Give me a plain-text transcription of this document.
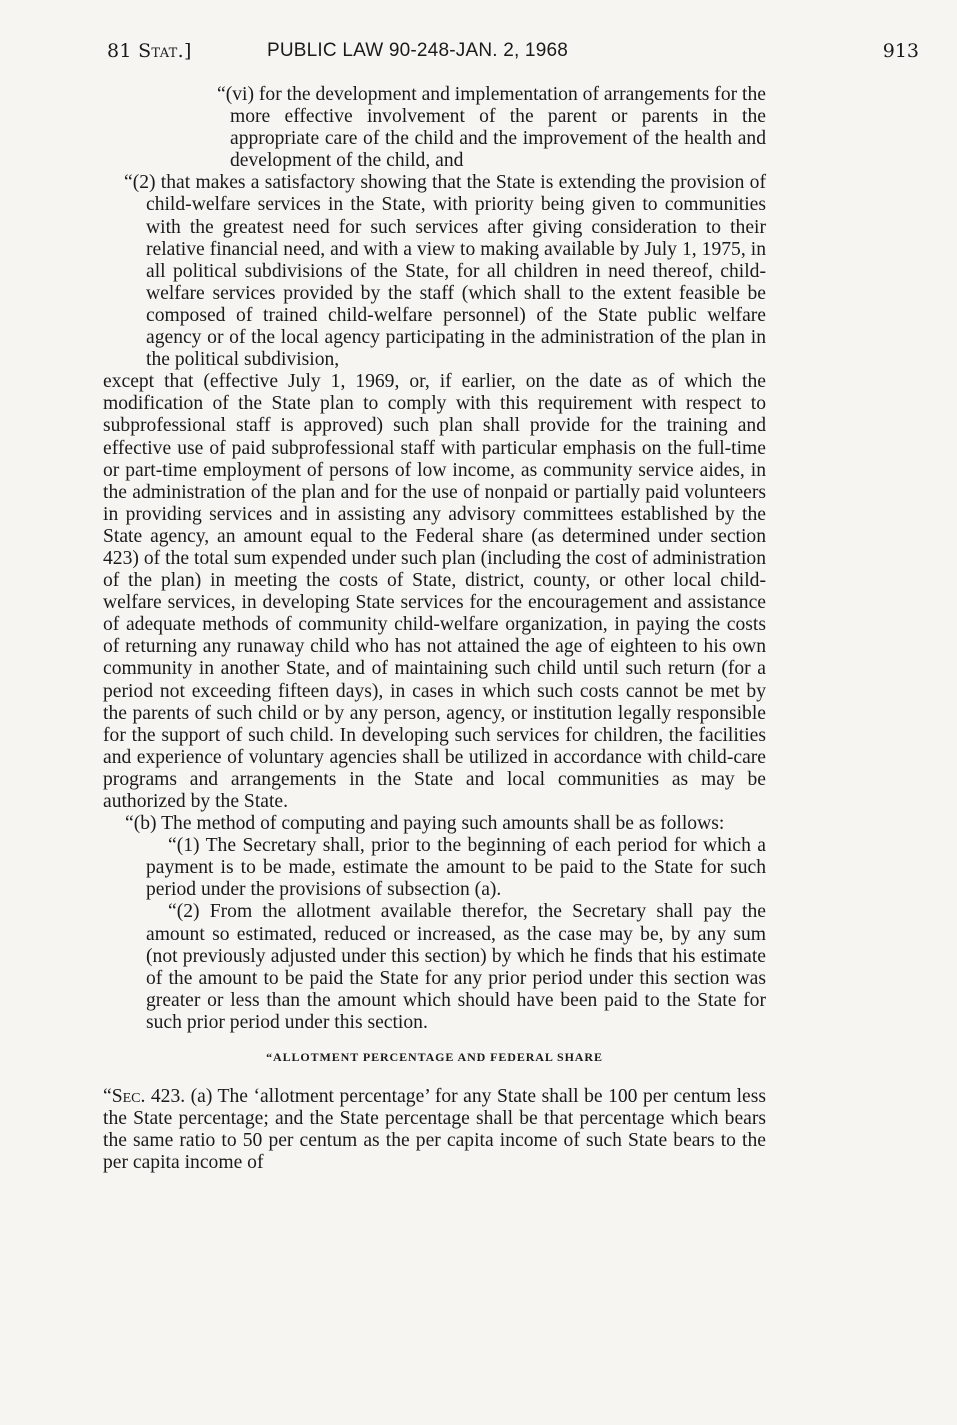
81 Stat.]	PUBLIC LAW 90-248-JAN. 2, 1968	913

“(vi) for the development and implementation of arrangements for the more effective involvement of the parent or parents in the appropriate care of the child and the improvement of the health and development of the child, and

“(2) that makes a satisfactory showing that the State is extending the provision of child-welfare services in the State, with priority being given to communities with the greatest need for such services after giving consideration to their relative financial need, and with a view to making available by July 1, 1975, in all political subdivisions of the State, for all children in need thereof, child-welfare services provided by the staff (which shall to the extent feasible be composed of trained child-welfare personnel) of the State public welfare agency or of the local agency participating in the administration of the plan in the political subdivision,

except that (effective July 1, 1969, or, if earlier, on the date as of which the modification of the State plan to comply with this requirement with respect to subprofessional staff is approved) such plan shall provide for the training and effective use of paid subprofessional staff with particular emphasis on the full-time or part-time employment of persons of low income, as community service aides, in the administration of the plan and for the use of nonpaid or partially paid volunteers in providing services and in assisting any advisory committees established by the State agency, an amount equal to the Federal share (as determined under section 423) of the total sum expended under such plan (including the cost of administration of the plan) in meeting the costs of State, district, county, or other local child-welfare services, in developing State services for the encouragement and assistance of adequate methods of community child-welfare organization, in paying the costs of returning any runaway child who has not attained the age of eighteen to his own community in another State, and of maintaining such child until such return (for a period not exceeding fifteen days), in cases in which such costs cannot be met by the parents of such child or by any person, agency, or institution legally responsible for the support of such child. In developing such services for children, the facilities and experience of voluntary agencies shall be utilized in accordance with child-care programs and arrangements in the State and local communities as may be authorized by the State.

“(b) The method of computing and paying such amounts shall be as follows:

“(1) The Secretary shall, prior to the beginning of each period for which a payment is to be made, estimate the amount to be paid to the State for such period under the provisions of subsection (a).

“(2) From the allotment available therefor, the Secretary shall pay the amount so estimated, reduced or increased, as the case may be, by any sum (not previously adjusted under this section) by which he finds that his estimate of the amount to be paid the State for any prior period under this section was greater or less than the amount which should have been paid to the State for such prior period under this section.

“ALLOTMENT PERCENTAGE AND FEDERAL SHARE

“Sec. 423. (a) The ‘allotment percentage’ for any State shall be 100 per centum less the State percentage; and the State percentage shall be that percentage which bears the same ratio to 50 per centum as the per capita income of such State bears to the per capita income of
